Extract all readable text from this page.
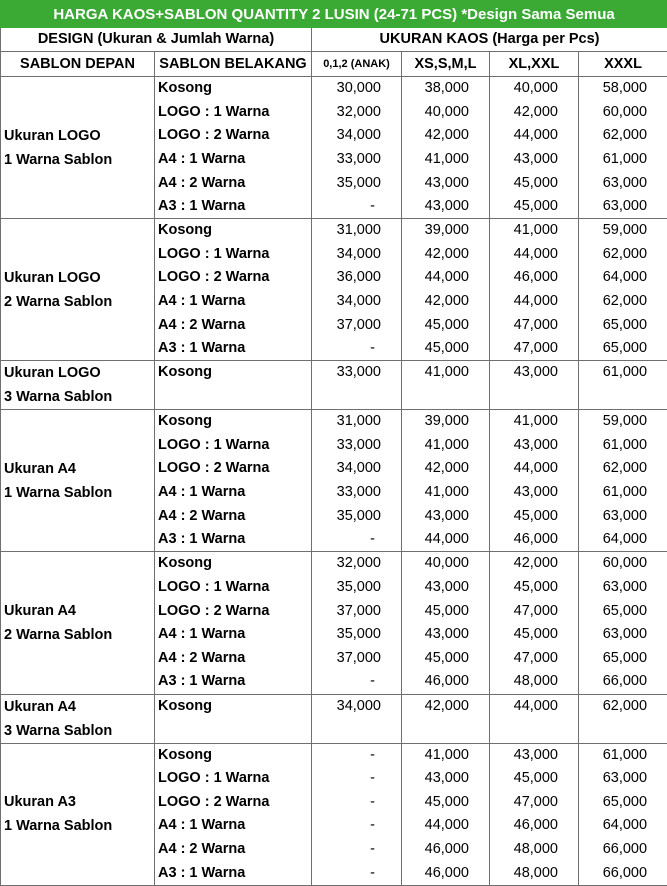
HARGA KAOS+SABLON QUANTITY 2 LUSIN (24-71 PCS) *Design Sama Semua					
DESIGN (Ukuran & Jumlah Warna)		UKURAN KAOS (Harga per Pcs)			
SABLON DEPAN	SABLON BELAKANG	0,1,2 (ANAK)	XS,S,M,L	XL,XXL	XXXL

Ukuran LOGO
1 Warna Sablon	Kosong	30,000	38,000	40,000	58,000
	LOGO : 1 Warna	32,000	40,000	42,000	60,000
	LOGO : 2 Warna	34,000	42,000	44,000	62,000
	A4 : 1 Warna	33,000	41,000	43,000	61,000
	A4 : 2 Warna	35,000	43,000	45,000	63,000
	A3 : 1 Warna	-	43,000	45,000	63,000

Ukuran LOGO
2 Warna Sablon	Kosong	31,000	39,000	41,000	59,000
	LOGO : 1 Warna	34,000	42,000	44,000	62,000
	LOGO : 2 Warna	36,000	44,000	46,000	64,000
	A4 : 1 Warna	34,000	42,000	44,000	62,000
	A4 : 2 Warna	37,000	45,000	47,000	65,000
	A3 : 1 Warna	-	45,000	47,000	65,000

Ukuran LOGO
3 Warna Sablon	Kosong	33,000	41,000	43,000	61,000

Ukuran A4
1 Warna Sablon	Kosong	31,000	39,000	41,000	59,000
	LOGO : 1 Warna	33,000	41,000	43,000	61,000
	LOGO : 2 Warna	34,000	42,000	44,000	62,000
	A4 : 1 Warna	33,000	41,000	43,000	61,000
	A4 : 2 Warna	35,000	43,000	45,000	63,000
	A3 : 1 Warna	-	44,000	46,000	64,000

Ukuran A4
2 Warna Sablon	Kosong	32,000	40,000	42,000	60,000
	LOGO : 1 Warna	35,000	43,000	45,000	63,000
	LOGO : 2 Warna	37,000	45,000	47,000	65,000
	A4 : 1 Warna	35,000	43,000	45,000	63,000
	A4 : 2 Warna	37,000	45,000	47,000	65,000
	A3 : 1 Warna	-	46,000	48,000	66,000

Ukuran A4
3 Warna Sablon	Kosong	34,000	42,000	44,000	62,000

Ukuran A3
1 Warna Sablon	Kosong	-	41,000	43,000	61,000
	LOGO : 1 Warna	-	43,000	45,000	63,000
	LOGO : 2 Warna	-	45,000	47,000	65,000
	A4 : 1 Warna	-	44,000	46,000	64,000
	A4 : 2 Warna	-	46,000	48,000	66,000
	A3 : 1 Warna	-	46,000	48,000	66,000
